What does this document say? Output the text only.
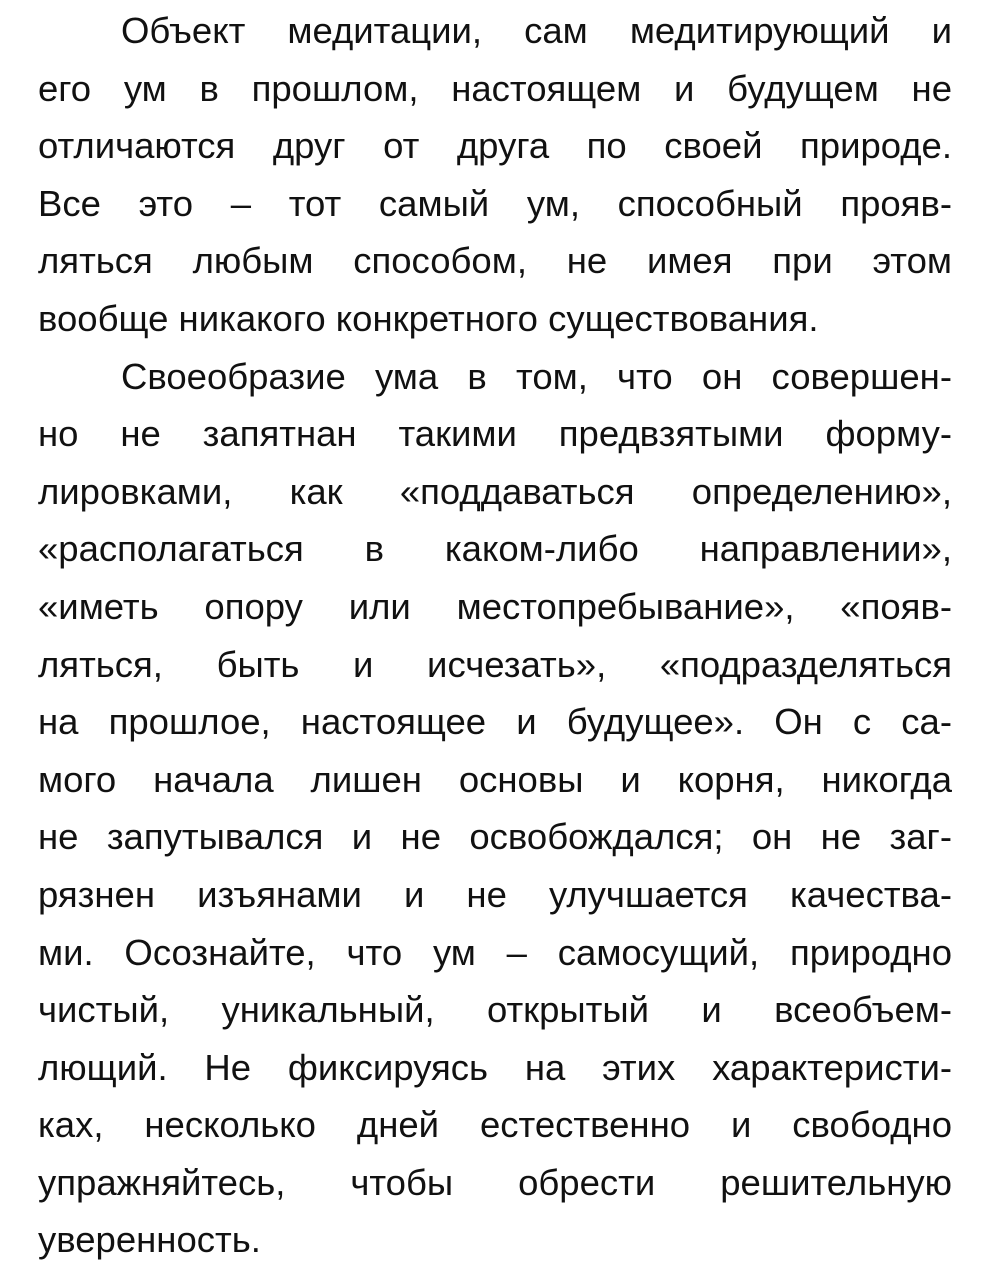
Объект медитации, сам медитирующий и
его ум в прошлом, настоящем и будущем не
отличаются друг от друга по своей природе.
Все это – тот самый ум, способный прояв-
ляться любым способом, не имея при этом
вообще никакого конкретного существования.
Своеобразие ума в том, что он совершен-
но не запятнан такими предвзятыми форму-
лировками, как «поддаваться определению»,
«располагаться в каком-либо направлении»,
«иметь опору или местопребывание», «появ-
ляться, быть и исчезать», «подразделяться
на прошлое, настоящее и будущее». Он с са-
мого начала лишен основы и корня, никогда
не запутывался и не освобождался; он не заг-
рязнен изъянами и не улучшается качества-
ми. Осознайте, что ум – самосущий, природно
чистый, уникальный, открытый и всеобъем-
лющий. Не фиксируясь на этих характеристи-
ках, несколько дней естественно и свободно
упражняйтесь, чтобы обрести решительную
уверенность.
